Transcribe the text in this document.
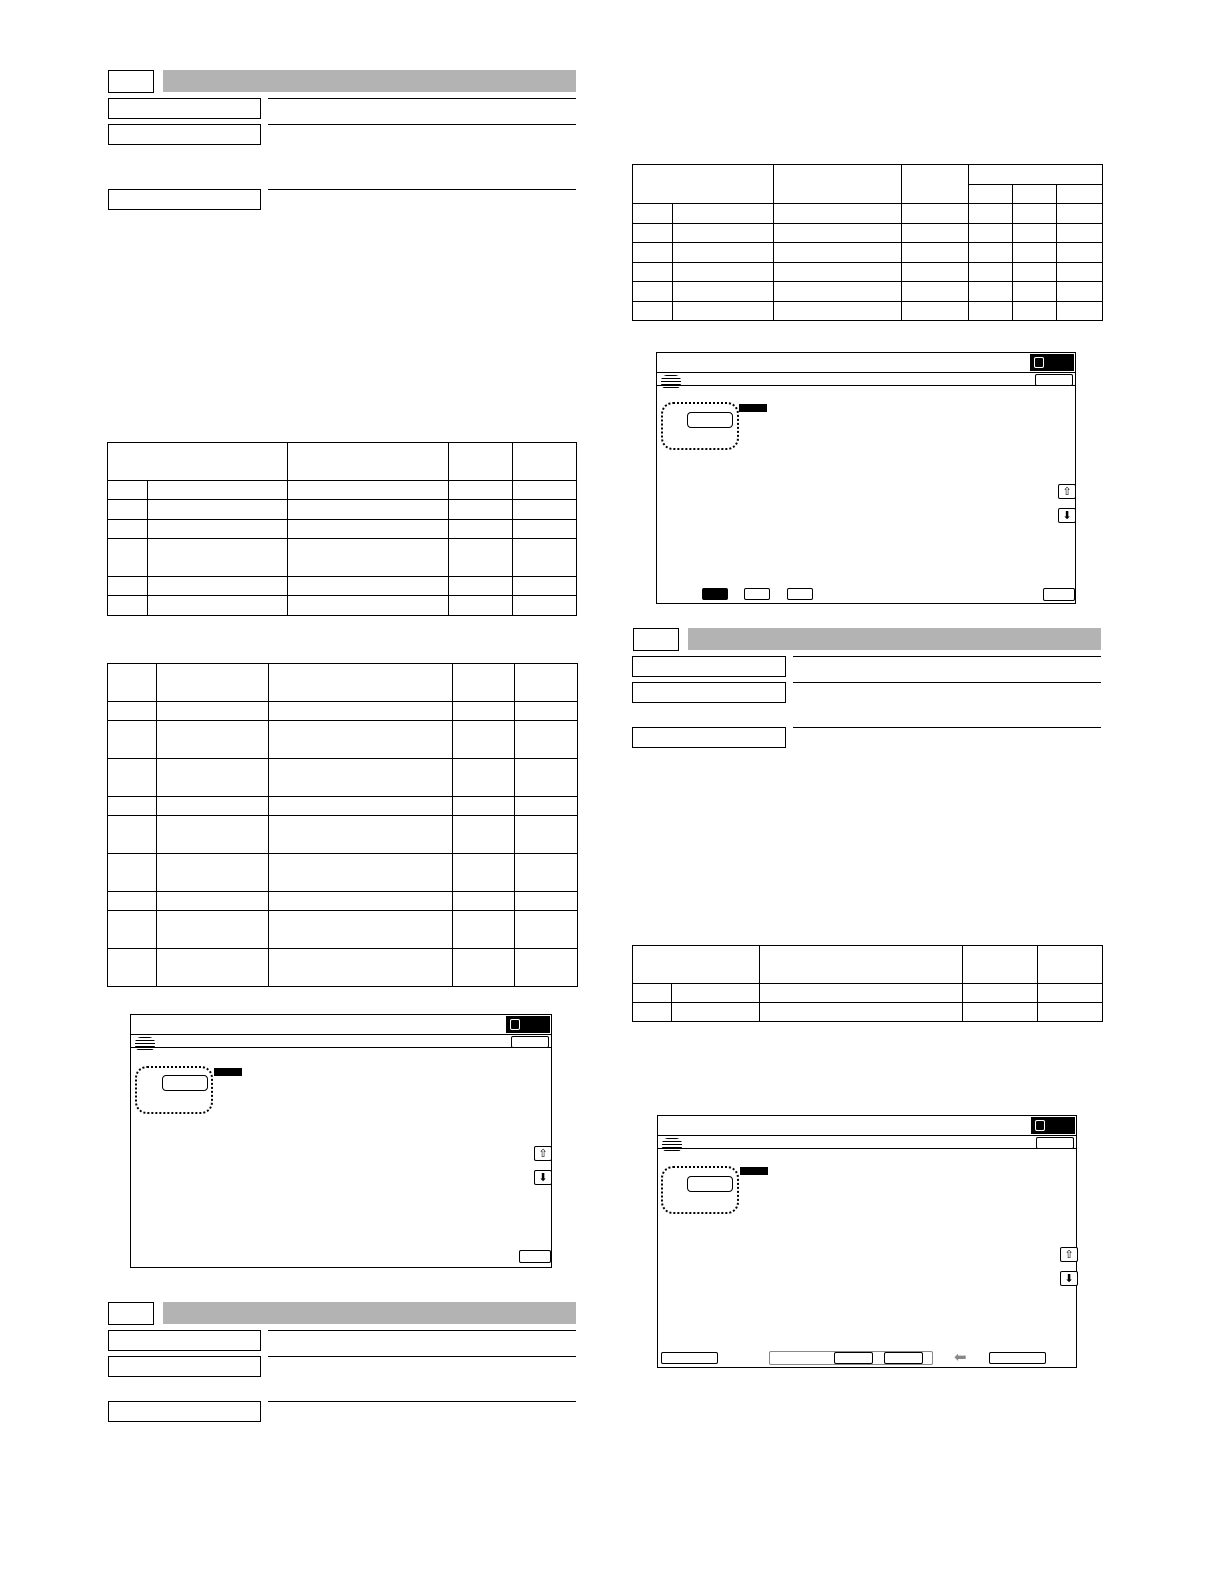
⇧
⬇

⇧
⬇

⇧
⬇
⬅
